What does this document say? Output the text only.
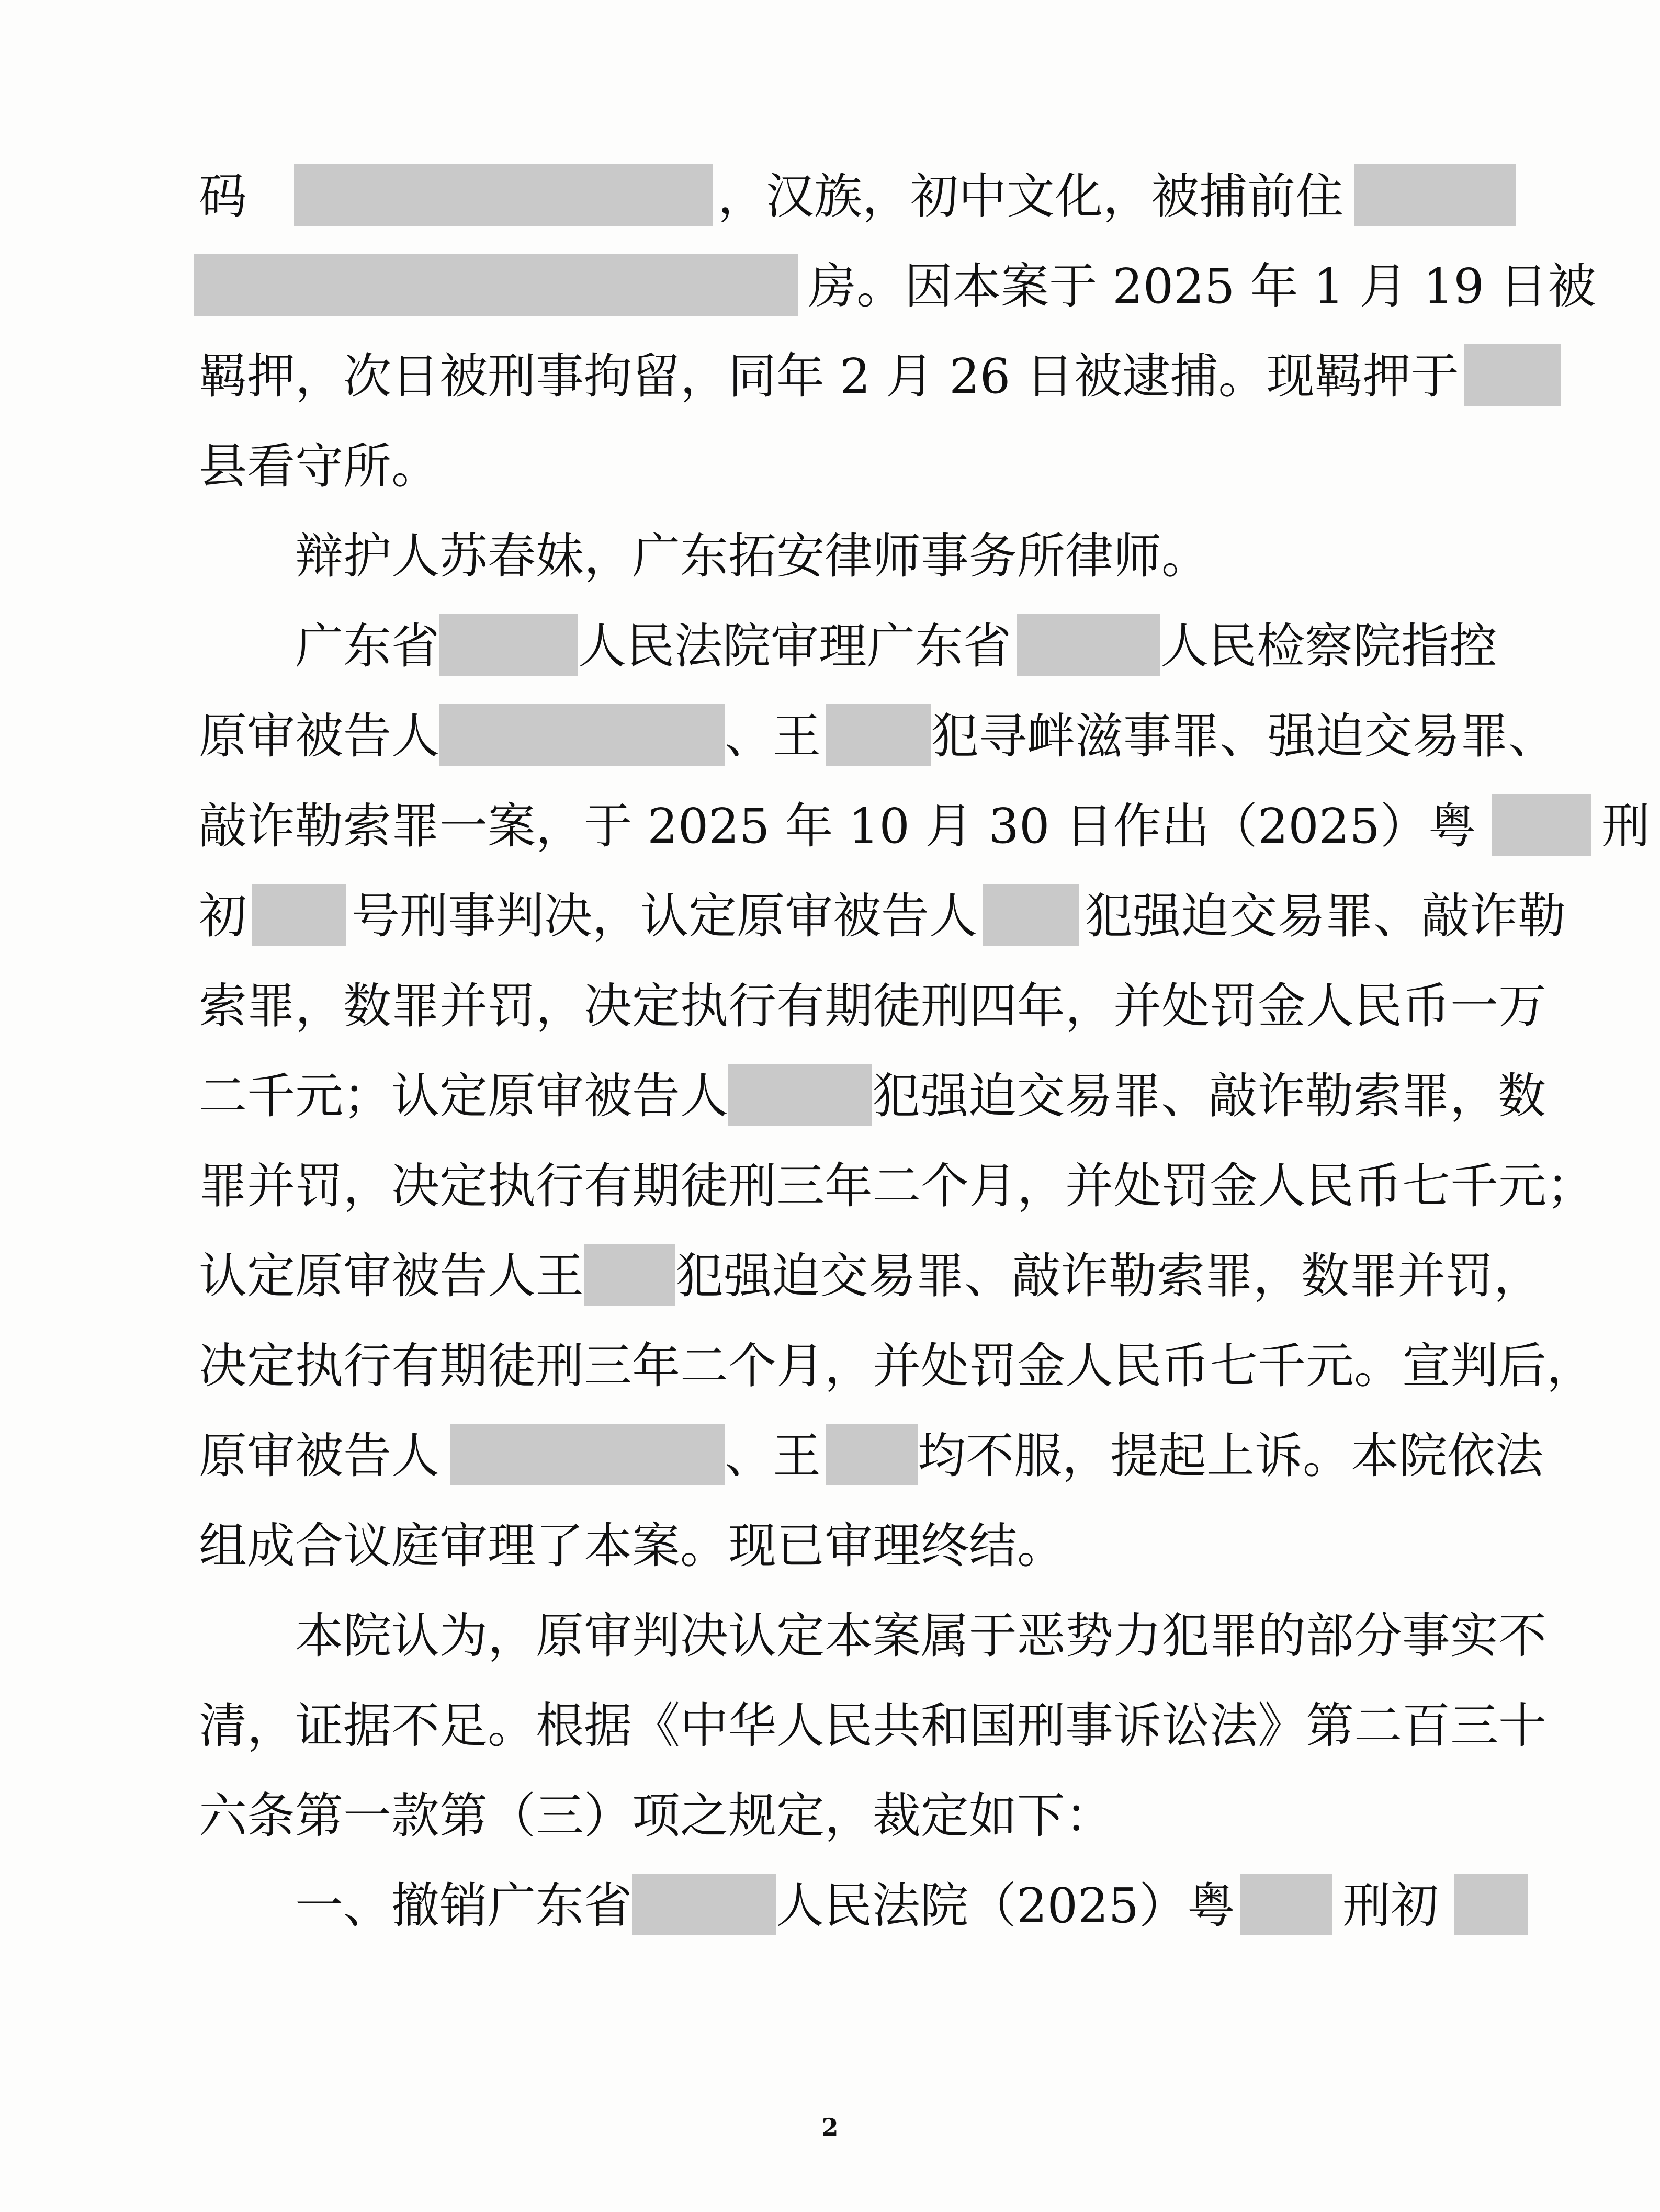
码	，汉族，初中文化，被捕前住
房。因本案于 2025 年 1 月 19 日被
羁押，次日被刑事拘留，同年 2 月 26 日被逮捕。现羁押于
县看守所。
辩护人苏春妹，广东拓安律师事务所律师。
广东省	人民法院审理广东省	人民检察院指控
原审被告人	、王 犯寻衅滋事罪、强迫交易罪、
敲诈勒索罪一案，于 2025 年 10 月 30 日作出（2025）粤	刑
初 号刑事判决，认定原审被告人 犯强迫交易罪、敲诈勒
索罪，数罪并罚，决定执行有期徒刑四年，并处罚金人民币一万
二千元；认定原审被告人	犯强迫交易罪、敲诈勒索罪，数
罪并罚，决定执行有期徒刑三年二个月，并处罚金人民币七千元；
认定原审被告人王 犯强迫交易罪、敲诈勒索罪，数罪并罚，
决定执行有期徒刑三年二个月，并处罚金人民币七千元。宣判后，
原审被告人	、王 均不服，提起上诉。本院依法
组成合议庭审理了本案。现已审理终结。
本院认为，原审判决认定本案属于恶势力犯罪的部分事实不
清，证据不足。根据《中华人民共和国刑事诉讼法》第二百三十
六条第一款第（三）项之规定，裁定如下：
一、撤销广东省	人民法院（2025）粤 刑初
2
